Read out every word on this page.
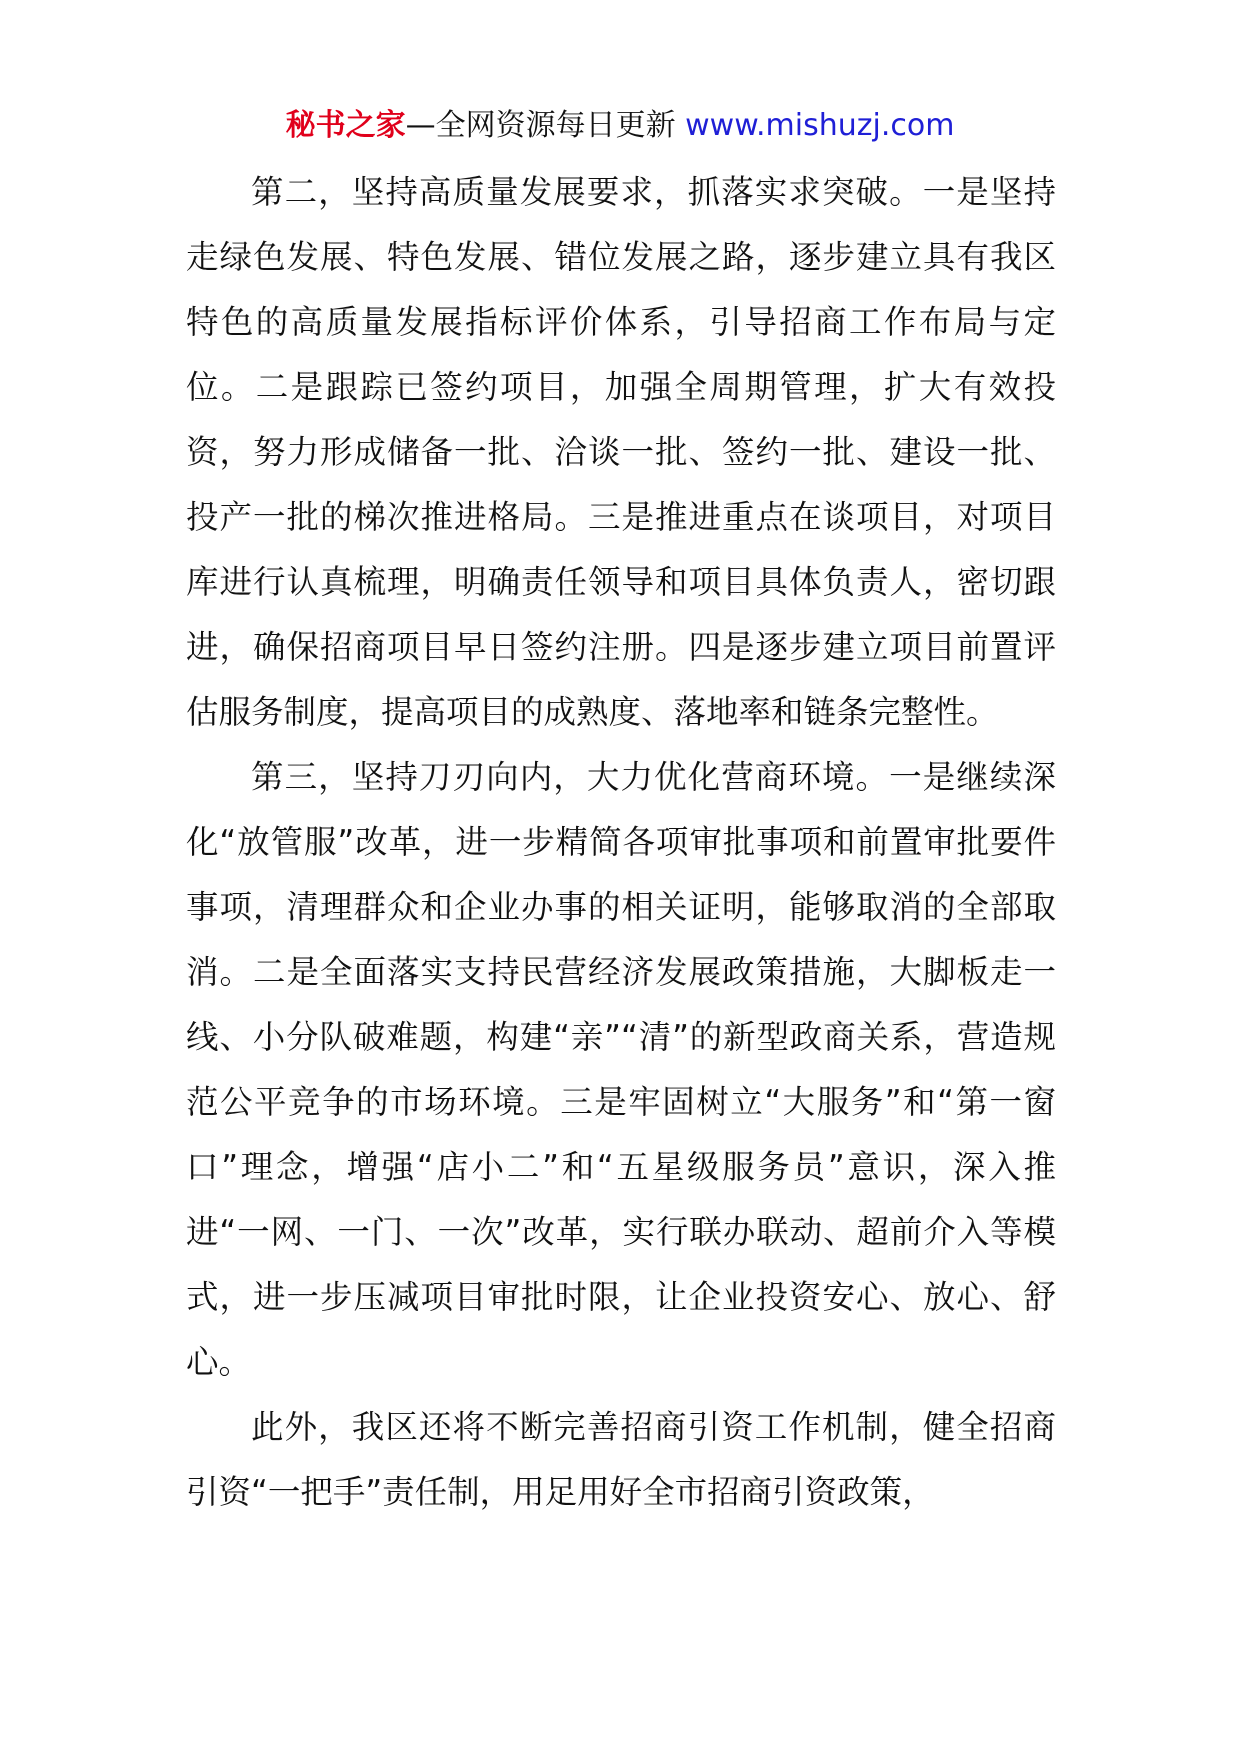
秘书之家—全网资源每日更新 www.mishuzj.com

第二，坚持高质量发展要求，抓落实求突破。一是坚持走绿色发展、特色发展、错位发展之路，逐步建立具有我区特色的高质量发展指标评价体系，引导招商工作布局与定位。二是跟踪已签约项目，加强全周期管理，扩大有效投资，努力形成储备一批、洽谈一批、签约一批、建设一批、投产一批的梯次推进格局。三是推进重点在谈项目，对项目库进行认真梳理，明确责任领导和项目具体负责人，密切跟进，确保招商项目早日签约注册。四是逐步建立项目前置评估服务制度，提高项目的成熟度、落地率和链条完整性。

第三，坚持刀刃向内，大力优化营商环境。一是继续深化“放管服”改革，进一步精简各项审批事项和前置审批要件事项，清理群众和企业办事的相关证明，能够取消的全部取消。二是全面落实支持民营经济发展政策措施，大脚板走一线、小分队破难题，构建“亲”“清”的新型政商关系，营造规范公平竞争的市场环境。三是牢固树立“大服务”和“第一窗口”理念，增强“店小二”和“五星级服务员”意识，深入推进“一网、一门、一次”改革，实行联办联动、超前介入等模式，进一步压减项目审批时限，让企业投资安心、放心、舒心。

此外，我区还将不断完善招商引资工作机制，健全招商引资“一把手”责任制，用足用好全市招商引资政策，
